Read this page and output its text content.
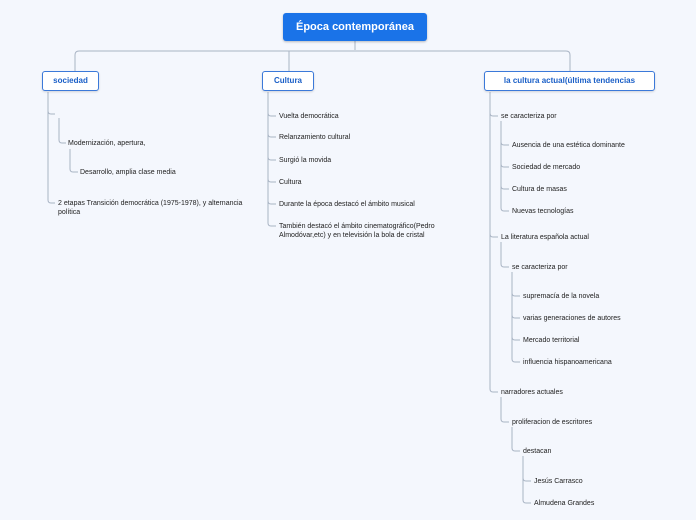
Época contemporánea
sociedad	Cultura	la cultura actual(última tendencias
Modernización, apertura,
Desarrollo, amplia clase media
2 etapas Transición democrática (1975-1978), y alternancia política
Vuelta democrática
Relanzamiento cultural
Surgió la movida
Cultura
Durante la época destacó el ámbito musical
También destacó el ámbito cinematográfico(Pedro Almodóvar,etc) y en televisión la bola de cristal
se caracteriza por
Ausencia de una estética dominante
Sociedad de mercado
Cultura de masas
Nuevas tecnologías
La literatura española actual
se caracteriza por
supremacía de la novela
varias generaciones de autores
Mercado territorial
influencia hispanoamericana
narradores actuales
proliferacion de escritores
destacan
Jesús Carrasco
Almudena Grandes
